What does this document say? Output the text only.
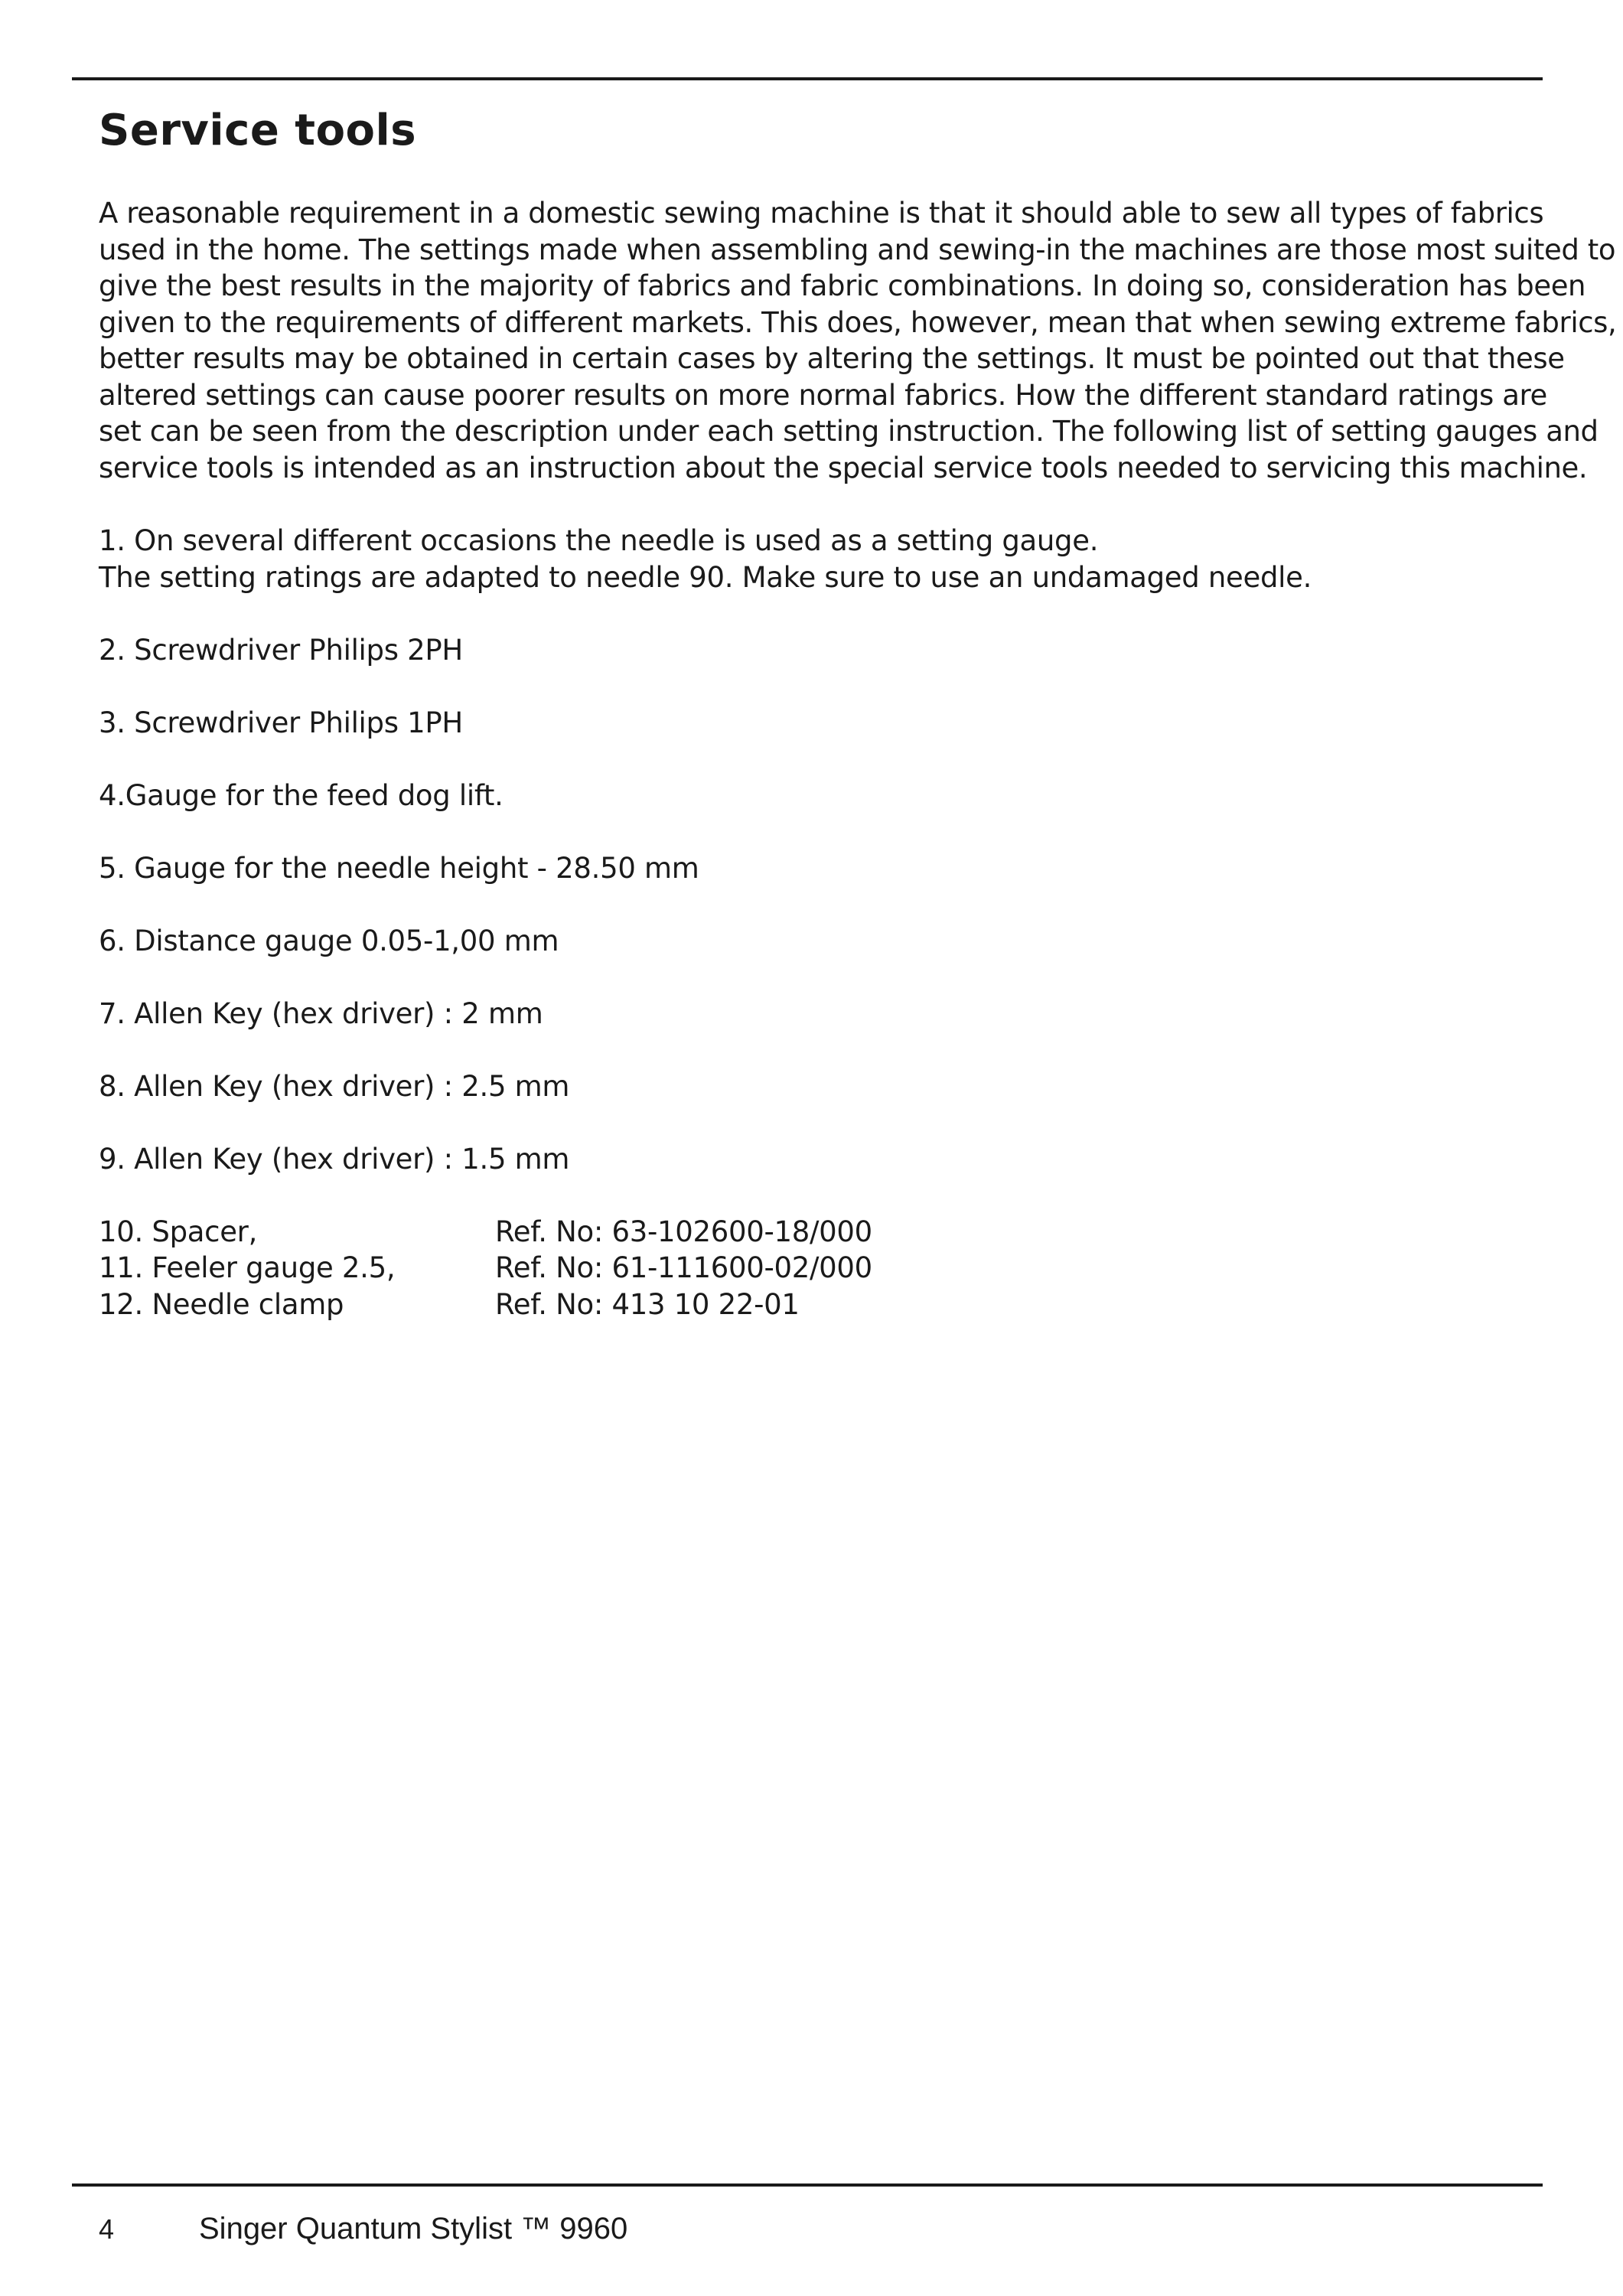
Service tools

A reasonable requirement in a domestic sewing machine is that it should able to sew all types of fabrics
used in the home. The settings made when assembling and sewing-in the machines are those most suited to
give the best results in the majority of fabrics and fabric combinations. In doing so, consideration has been
given to the requirements of different markets. This does, however, mean that when sewing extreme fabrics,
better results may be obtained in certain cases by altering the settings. It must be pointed out that these
altered settings can cause poorer results on more normal fabrics. How the different standard ratings are
set can be seen from the description under each setting instruction. The following list of setting gauges and
service tools is intended as an instruction about the special service tools needed to servicing this machine.

1. On several different occasions the needle is used as a setting gauge.
The setting ratings are adapted to needle 90. Make sure to use an undamaged needle.
2. Screwdriver Philips 2PH
3. Screwdriver Philips 1PH
4.Gauge for the feed dog lift.
5. Gauge for the needle height - 28.50 mm
6. Distance gauge 0.05-1,00 mm
7. Allen Key (hex driver) : 2 mm
8. Allen Key (hex driver) : 2.5 mm
9. Allen Key (hex driver) : 1.5 mm
10. Spacer,	Ref. No: 63-102600-18/000
11. Feeler gauge 2.5,	Ref. No: 61-111600-02/000
12. Needle clamp	Ref. No: 413 10 22-01
4	Singer Quantum Stylist ™ 9960
